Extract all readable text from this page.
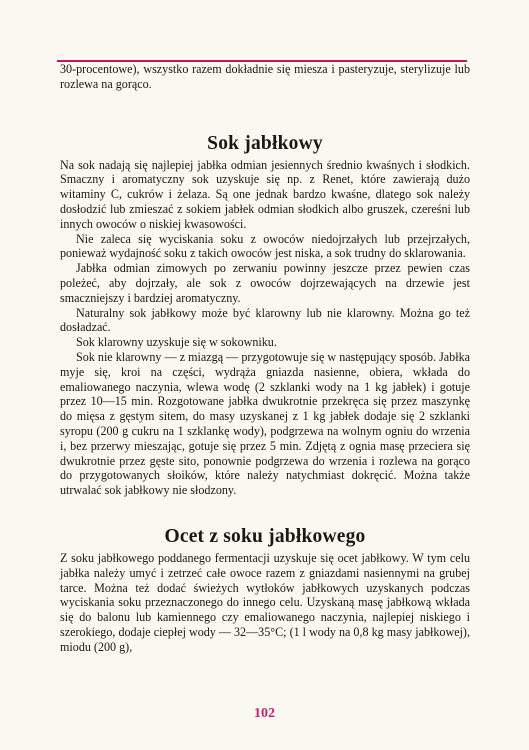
30-procentowe), wszystko razem dokładnie się miesza i pasteryzuje, sterylizuje lub rozlewa na gorąco.

Sok jabłkowy

Na sok nadają się najlepiej jabłka odmian jesiennych średnio kwaśnych i słodkich. Smaczny i aromatyczny sok uzyskuje się np. z Renet, które zawierają dużo witaminy C, cukrów i żelaza. Są one jednak bardzo kwaśne, dlatego sok należy dosłodzić lub zmieszać z sokiem jabłek odmian słodkich albo gruszek, czereśni lub innych owoców o niskiej kwasowości.

Nie zaleca się wyciskania soku z owoców niedojrzałych lub przejrzałych, ponieważ wydajność soku z takich owoców jest niska, a sok trudny do sklarowania.

Jabłka odmian zimowych po zerwaniu powinny jeszcze przez pewien czas poleżeć, aby dojrzały, ale sok z owoców dojrzewających na drzewie jest smaczniejszy i bardziej aromatyczny.

Naturalny sok jabłkowy może być klarowny lub nie klarowny. Można go też dosładzać.

Sok klarowny uzyskuje się w sokowniku.

Sok nie klarowny — z miazgą — przygotowuje się w następujący sposób. Jabłka myje się, kroi na części, wydrąża gniazda nasienne, obiera, wkłada do emaliowanego naczynia, wlewa wodę (2 szklanki wody na 1 kg jabłek) i gotuje przez 10—15 min. Rozgotowane jabłka dwukrotnie przekręca się przez maszynkę do mięsa z gęstym sitem, do masy uzyskanej z 1 kg jabłek dodaje się 2 szklanki syropu (200 g cukru na 1 szklankę wody), podgrzewa na wolnym ogniu do wrzenia i, bez przerwy mieszając, gotuje się przez 5 min. Zdjętą z ognia masę przeciera się dwukrotnie przez gęste sito, ponownie podgrzewa do wrzenia i rozlewa na gorąco do przygotowanych słoików, które należy natychmiast dokręcić. Można także utrwalać sok jabłkowy nie słodzony.

Ocet z soku jabłkowego

Z soku jabłkowego poddanego fermentacji uzyskuje się ocet jabłkowy. W tym celu jabłka należy umyć i zetrzeć całe owoce razem z gniazdami nasiennymi na grubej tarce. Można też dodać świeżych wytłoków jabłkowych uzyskanych podczas wyciskania soku przeznaczonego do innego celu. Uzyskaną masę jabłkową wkłada się do balonu lub kamiennego czy emaliowanego naczynia, najlepiej niskiego i szerokiego, dodaje ciepłej wody — 32—35°C; (1 l wody na 0,8 kg masy jabłkowej), miodu (200 g),

102
